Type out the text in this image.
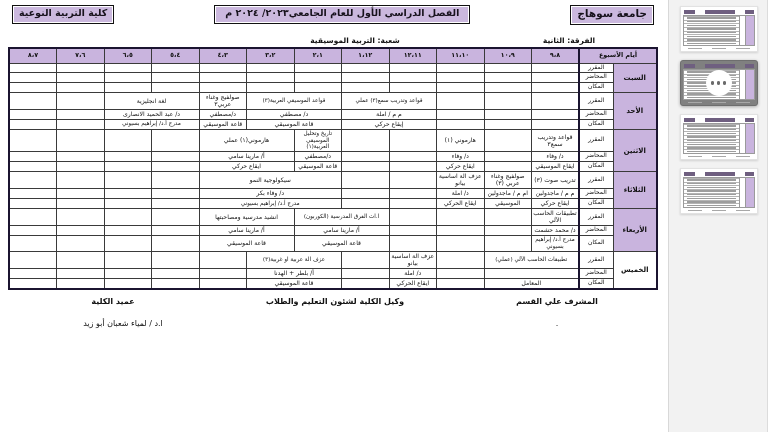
جامعة سوهاج
الفصل الدراسي الأول للعام الجامعي٢٠٢٣/ ٢٠٢٤ م
كلية التربية النوعية
الفرقة: الثانية
شعبة: التربية الموسيقية
أيام الأسبوع		٩،٨	١٠،٩	١١،١٠	١٢،١١	١،١٢	٢،١	٣،٢	٤،٣	٥،٤	٦،٥	٧،٦	٨،٧
السبت	المقرر												
	المحاضر												
	المكان												
الأحد	المقرر				قواعد وتدريب سمع(٣) عملي		قواعد الموسيقي العربية(٣)		صولفيج وغناء عربي٣	لغة انجليزية			
	المحاضر				م م / املة		د/ مصطفي		د/مصطفي	د/ عبد الحميد الانصارى			
	المكان				إيقاع حركي		قاعة الموسيقي		قاعة الموسيقي	مدرج أ.د/ إبراهيم بسيوني			
الاثنين	المقرر	قواعد وتدريب سمع٣		هارموني (١)			تاريخ وتحليل الموسيقي العربية(١)	هارموني(١) عملي					
	المحاضر	د/ وفاء		د/ وفاء			د/مصطفي	أ/ مارينا سامي					
	المكان	ايقاع الموسيقي		ايقاع حركي			قاعة الموسيقي	ايقاع حركي					
الثلاثاء	المقرر	تدريب صوت (٣)	صولفيج وغناء عربي (٣)	عزف الة اساسية بيانو			سيكولوجية النمو						
	المحاضر	م م / ماجدولين	ام م / ماجدولين	د/ املة			د/ وفاء بكر						
	المكان	ايقاع حركي	الموسيقي	ايقاع الحركي			مدرج أ.د/ إبراهيم بسيوني						
الأربعاء	المقرر	تطبيقات الحاسب الآلي				ا.ات الفرق المدرسية (الكوربون)		انشيد مدرسية ومصاحبتها					
	المحاضر	د/ محمد حشمت				أ/ مارينا سامي		أ/ مارينا سامي					
	المكان	مدرج أ.د/ إبراهيم بسيوني				قاعة الموسيقي		قاعة الموسيقي					
الخميس	المقرر	تطبيقات الحاسب الآلي (عملي)			عزف الة اساسية بيانو		عزف الة عربية او غربية(٣)						
	المحاضر				د/ املة		أ/ بلطر + الهدنا						
	المكان	المعامل			ايقاع الحركي		قاعة الموسيقي						
المشرف علي القسم
وكيل الكلية لشئون التعليم والطلاب
عميد الكلية
.
ا.د / لمياء شعبان أبو زيد
